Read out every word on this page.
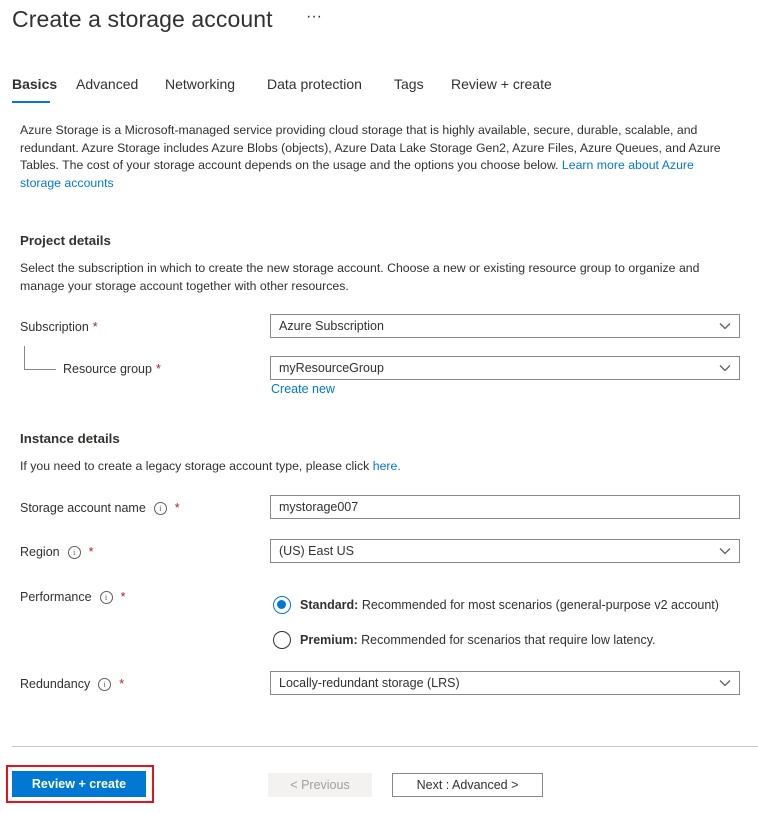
Create a storage account ···
Basics Advanced Networking Data protection Tags Review + create
Azure Storage is a Microsoft-managed service providing cloud storage that is highly available, secure, durable, scalable, and redundant. Azure Storage includes Azure Blobs (objects), Azure Data Lake Storage Gen2, Azure Files, Azure Queues, and Azure Tables. The cost of your storage account depends on the usage and the options you choose below. Learn more about Azure storage accounts
Project details
Select the subscription in which to create the new storage account. Choose a new or existing resource group to organize and manage your storage account together with other resources.
Subscription *	Azure Subscription
Resource group *	myResourceGroup
Create new
Instance details
If you need to create a legacy storage account type, please click here.
Storage account name i *	mystorage007
Region i *	(US) East US
Performance i *
Standard: Recommended for most scenarios (general-purpose v2 account)
Premium: Recommended for scenarios that require low latency.
Redundancy i *	Locally-redundant storage (LRS)
Review + create	< Previous	Next : Advanced >
